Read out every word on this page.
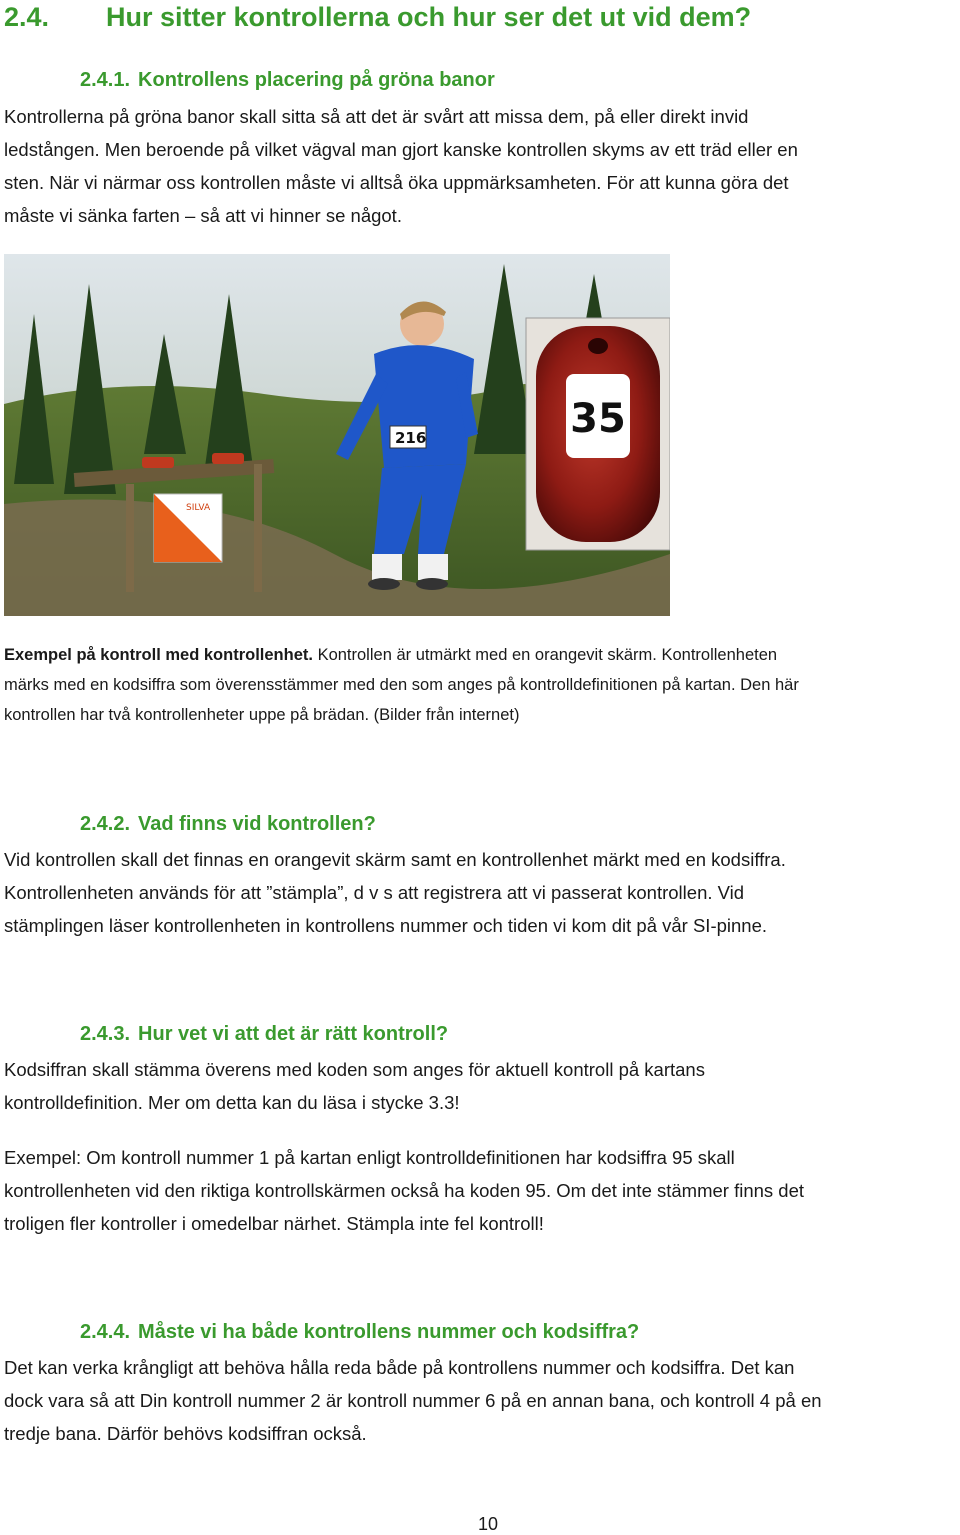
2.4. Hur sitter kontrollerna och hur ser det ut vid dem?
2.4.1. Kontrollens placering på gröna banor
Kontrollerna på gröna banor skall sitta så att det är svårt att missa dem, på eller direkt invid
ledstången. Men beroende på vilket vägval man gjort kanske kontrollen skyms av ett träd eller en
sten. När vi närmar oss kontrollen måste vi alltså öka uppmärksamheten. För att kunna göra det
måste vi sänka farten – så att vi hinner se något.
SILVA
216	35
Exempel på kontroll med kontrollenhet. Kontrollen är utmärkt med en orangevit skärm. Kontrollenheten
märks med en kodsiffra som överensstämmer med den som anges på kontrolldefinitionen på kartan. Den här
kontrollen har två kontrollenheter uppe på brädan. (Bilder från internet)
2.4.2. Vad finns vid kontrollen?
Vid kontrollen skall det finnas en orangevit skärm samt en kontrollenhet märkt med en kodsiffra.
Kontrollenheten används för att ”stämpla”, d v s att registrera att vi passerat kontrollen. Vid
stämplingen läser kontrollenheten in kontrollens nummer och tiden vi kom dit på vår SI-pinne.
2.4.3. Hur vet vi att det är rätt kontroll?
Kodsiffran skall stämma överens med koden som anges för aktuell kontroll på kartans
kontrolldefinition. Mer om detta kan du läsa i stycke 3.3!
Exempel: Om kontroll nummer 1 på kartan enligt kontrolldefinitionen har kodsiffra 95 skall
kontrollenheten vid den riktiga kontrollskärmen också ha koden 95. Om det inte stämmer finns det
troligen fler kontroller i omedelbar närhet. Stämpla inte fel kontroll!
2.4.4. Måste vi ha både kontrollens nummer och kodsiffra?
Det kan verka krångligt att behöva hålla reda både på kontrollens nummer och kodsiffra. Det kan
dock vara så att Din kontroll nummer 2 är kontroll nummer 6 på en annan bana, och kontroll 4 på en
tredje bana. Därför behövs kodsiffran också.
10
